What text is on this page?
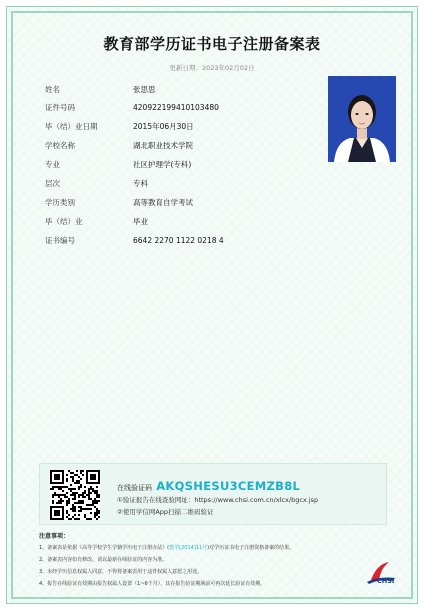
教育部学历证书电子注册备案表
更新日期：2023年02月02日
姓名	张思思
证件号码	420922199410103480
毕（结）业日期	2015年06月30日
学校名称	湖北职业技术学院
专业	社区护理学(专科)
层次	专科
学历类别	高等教育自学考试
毕（结）业	毕业
证书编号	6642 2270 1122 0218 4
在线验证码 AKQSHESU3CEMZB8L
①验证报告在线查验网址：https://www.chsi.com.cn/xlcx/bgcx.jsp
②使用学信网App扫描二维码验证
注意事项：
1、备案表是依据《高等学校学生学籍学历电子注册办法》(教学[2014]11号)对学历证书电子注册资格备案的结果。
2、备案表内容如有修改，请以最新在线验证的内容为准。
3、未经学历信息权属人同意，不得将备案表用于违背权属人意愿之用途。
4、报告在线验证有效期由报告权属人设置（1~6个月），其在报告验证期满前可再次延长验证有效期。	CHSI
